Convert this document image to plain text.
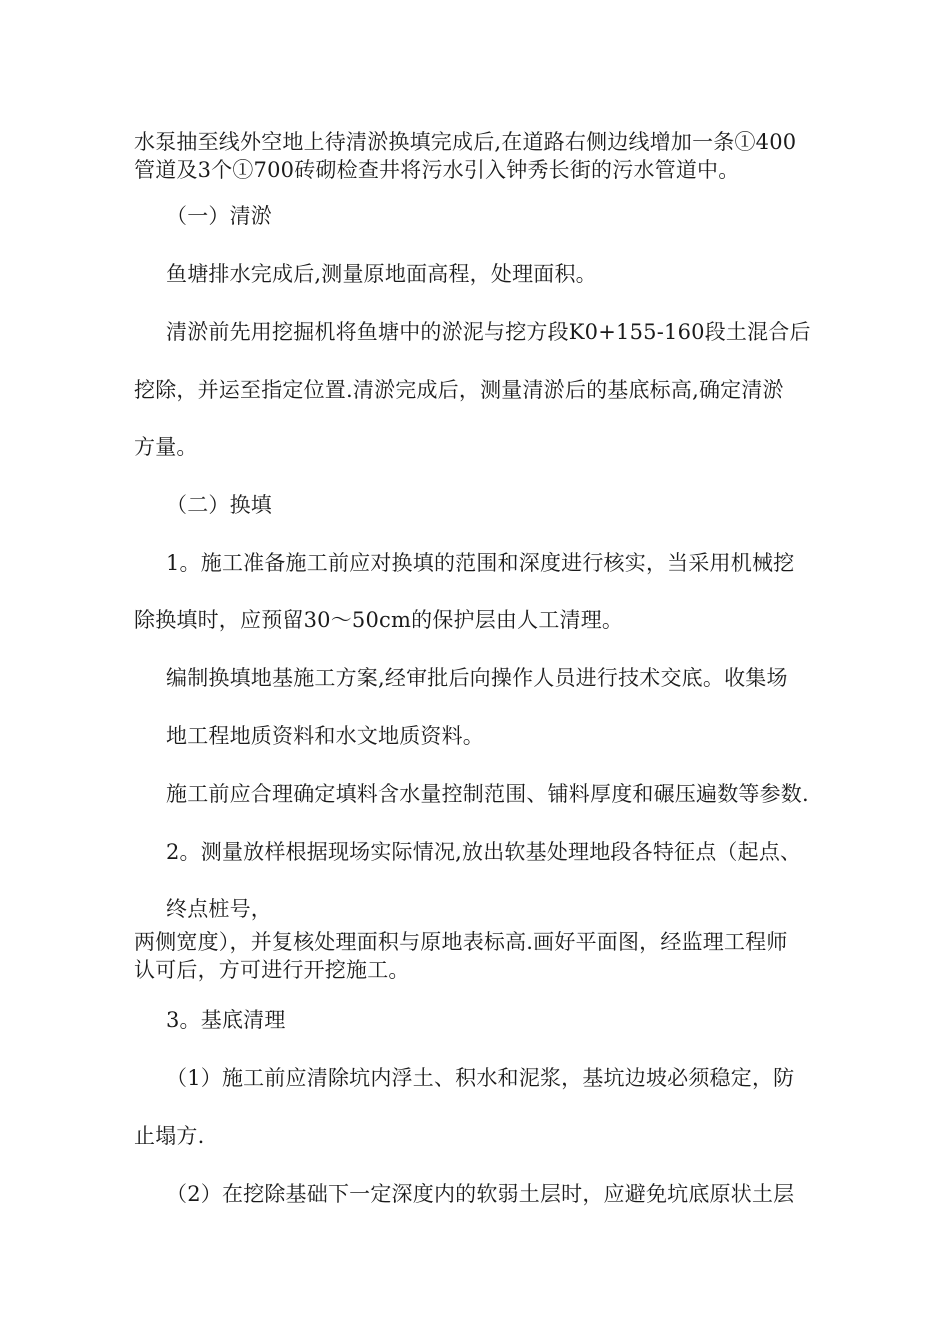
水泵抽至线外空地上待清淤换填完成后,在道路右侧边线增加一条①400
管道及3个①700砖砌检查井将污水引入钟秀长街的污水管道中。
（一）清淤
鱼塘排水完成后,测量原地面高程，处理面积。
清淤前先用挖掘机将鱼塘中的淤泥与挖方段K0+155-160段土混合后
挖除，并运至指定位置.清淤完成后，测量清淤后的基底标高,确定清淤
方量。
（二）换填
1。施工准备施工前应对换填的范围和深度进行核实，当采用机械挖
除换填时，应预留30〜50cm的保护层由人工清理。
编制换填地基施工方案,经审批后向操作人员进行技术交底。收集场
地工程地质资料和水文地质资料。
施工前应合理确定填料含水量控制范围、铺料厚度和碾压遍数等参数.
2。测量放样根据现场实际情况,放出软基处理地段各特征点（起点、
终点桩号，
两侧宽度），并复核处理面积与原地表标高.画好平面图，经监理工程师
认可后，方可进行开挖施工。
3。基底清理
（1）施工前应清除坑内浮土、积水和泥浆，基坑边坡必须稳定，防
止塌方.
（2）在挖除基础下一定深度内的软弱土层时，应避免坑底原状土层
